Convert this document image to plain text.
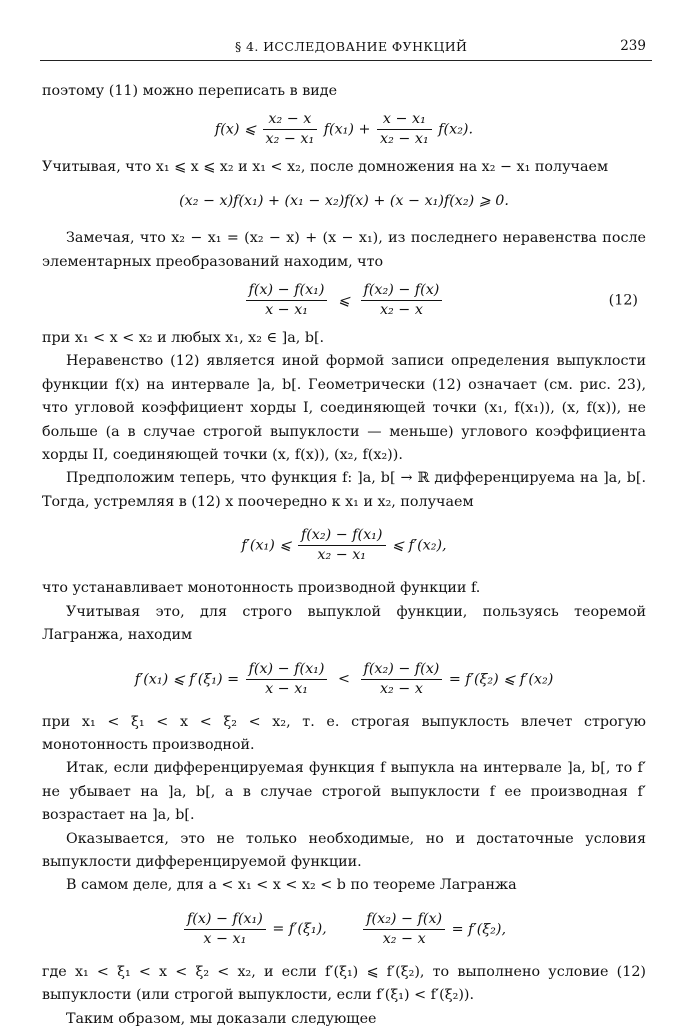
§ 4. ИССЛЕДОВАНИЕ ФУНКЦИЙ	239

поэтому (11) можно переписать в виде

f(x) ⩽ $\frac{\text{x₂ − x}}{\text{x₂ − x₁}} f(x_1) + \frac{\text{x − x₁}}{\text{x₂ − x₁}} f(x_2)$.

Учитывая, что x₁ ⩽ x ⩽ x₂ и x₁ < x₂, после домножения на x₂ − x₁ получаем

(x₂ − x)f(x₁) + (x₁ − x₂)f(x) + (x − x₁)f(x₂) ⩾ 0.

Замечая, что x₂ − x₁ = (x₂ − x) + (x − x₁), из последнего неравенства после элементарных преобразований находим, что

$\frac{\text{f(x) − f(x₁)}}{\text{x − x₁}}$ ⩽ $\frac{\text{f(x₂) − f(x)}}{\text{x₂ − x}}$	(12)

при x₁ < x < x₂ и любых x₁, x₂ ∈ ]a, b[.

Неравенство (12) является иной формой записи определения выпуклости функции f(x) на интервале ]a, b[. Геометрически (12) означает (см. рис. 23), что угловой коэффициент хорды I, соединяющей точки (x₁, f(x₁)), (x, f(x)), не больше (а в случае строгой выпуклости — меньше) углового коэффициента хорды II, соединяющей точки (x, f(x)), (x₂, f(x₂)).

Предположим теперь, что функция f: ]a, b[ → ℝ дифференцируема на ]a, b[. Тогда, устремляя в (12) x поочередно к x₁ и x₂, получаем

f′(x₁) ⩽ $\frac{\text{f(x₂) − f(x₁)}}{\text{x₂ − x₁}}$ ⩽ f′(x₂),

что устанавливает монотонность производной функции f.

Учитывая это, для строго выпуклой функции, пользуясь теоремой Лагранжа, находим

f′(x₁) ⩽ $f'(\xi_1) = \frac{\text{f(x) − f(x₁)}}{\text{x − x₁}} < \frac{\text{f(x₂) − f(x)}}{\text{x₂ − x}} = f'(\xi_2)$ ⩽ f′(x₂)

при x₁ < ξ₁ < x < ξ₂ < x₂, т. е. строгая выпуклость влечет строгую монотонность производной.

Итак, если дифференцируемая функция f выпукла на интервале ]a, b[, то f′ не убывает на ]a, b[, а в случае строгой выпуклости f ее производная f′ возрастает на ]a, b[.

Оказывается, это не только необходимые, но и достаточные условия выпуклости дифференцируемой функции.

В самом деле, для a < x₁ < x < x₂ < b по теореме Лагранжа

$\frac{\text{f(x) − f(x₁)}}{\text{x − x₁}} = f'(\xi_1)$,	$\frac{\text{f(x₂) − f(x)}}{\text{x₂ − x}} = f'(\xi_2)$,

где x₁ < ξ₁ < x < ξ₂ < x₂, и если f′(ξ₁) ⩽ f′(ξ₂), то выполнено условие (12) выпуклости (или строгой выпуклости, если f′(ξ₁) < f′(ξ₂)).

Таким образом, мы доказали следующее
